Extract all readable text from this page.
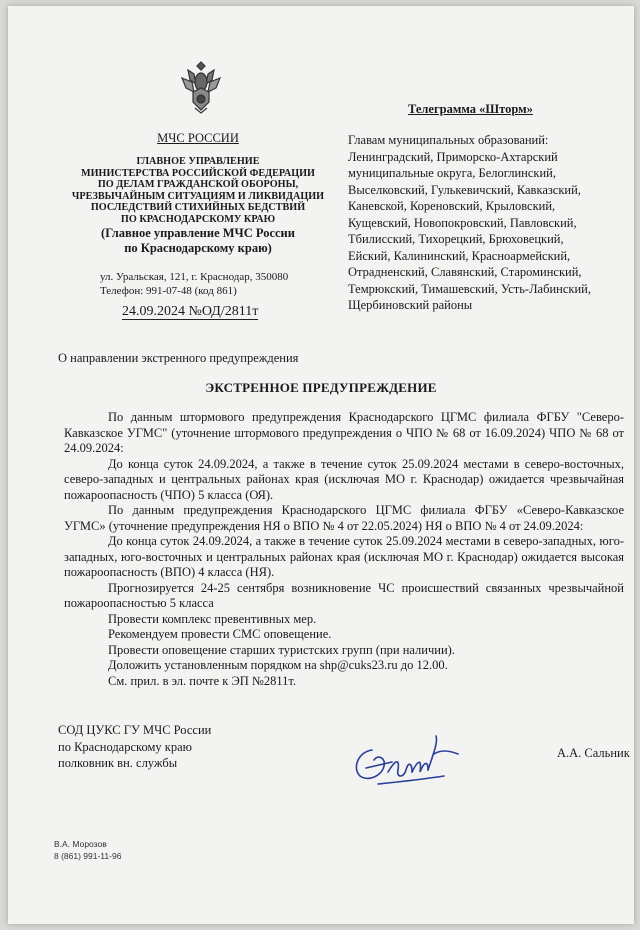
МЧС РОССИИ
ГЛАВНОЕ УПРАВЛЕНИЕ
МИНИСТЕРСТВА РОССИЙСКОЙ ФЕДЕРАЦИИ
ПО ДЕЛАМ ГРАЖДАНСКОЙ ОБОРОНЫ,
ЧРЕЗВЫЧАЙНЫМ СИТУАЦИЯМ И ЛИКВИДАЦИИ
ПОСЛЕДСТВИЙ СТИХИЙНЫХ БЕДСТВИЙ
ПО КРАСНОДАРСКОМУ КРАЮ
(Главное управление МЧС России
по Краснодарскому краю)
ул. Уральская, 121, г. Краснодар, 350080
Телефон: 991-07-48 (код 861)
24.09.2024 №ОД/2811т
Телеграмма «Шторм»
Главам муниципальных образований:
Ленинградский, Приморско-Ахтарский
муниципальные округа, Белоглинский,
Выселковский, Гулькевичский, Кавказский,
Каневской, Кореновский, Крыловский,
Кущевский, Новопокровский, Павловский,
Тбилисский, Тихорецкий, Брюховецкий,
Ейский, Калининский, Красноармейский,
Отрадненский, Славянский, Староминский,
Темрюкский, Тимашевский, Усть-Лабинский,
Щербиновский районы
О направлении экстренного предупреждения
ЭКСТРЕННОЕ ПРЕДУПРЕЖДЕНИЕ

По данным штормового предупреждения Краснодарского ЦГМС филиала ФГБУ "Северо-Кавказское УГМС" (уточнение штормового предупреждения о ЧПО № 68 от 16.09.2024) ЧПО № 68 от 24.09.2024:

До конца суток 24.09.2024, а также в течение суток 25.09.2024 местами в северо-восточных, северо-западных и центральных районах края (исключая МО г. Краснодар) ожидается чрезвычайная пожароопасность (ЧПО) 5 класса (ОЯ).

По данным предупреждения Краснодарского ЦГМС филиала ФГБУ «Северо-Кавказское УГМС» (уточнение предупреждения НЯ о ВПО № 4 от 22.05.2024) НЯ о ВПО № 4 от 24.09.2024:

До конца суток 24.09.2024, а также в течение суток 25.09.2024 местами в северо-западных, юго-западных, юго-восточных и центральных районах края (исключая МО г. Краснодар) ожидается высокая пожароопасность (ВПО) 4 класса (НЯ).

Прогнозируется 24-25 сентября возникновение ЧС происшествий связанных чрезвычайной пожароопасностью 5 класса

Провести комплекс превентивных мер.

Рекомендуем провести СМС оповещение.

Провести оповещение старших туристских групп (при наличии).

Доложить установленным порядком на shp@cuks23.ru до 12.00.

См. прил. в эл. почте к ЭП №2811т.

СОД ЦУКС ГУ МЧС России
по Краснодарскому краю
полковник вн. службы
А.А. Сальник
В.А. Морозов
8 (861) 991-11-96
